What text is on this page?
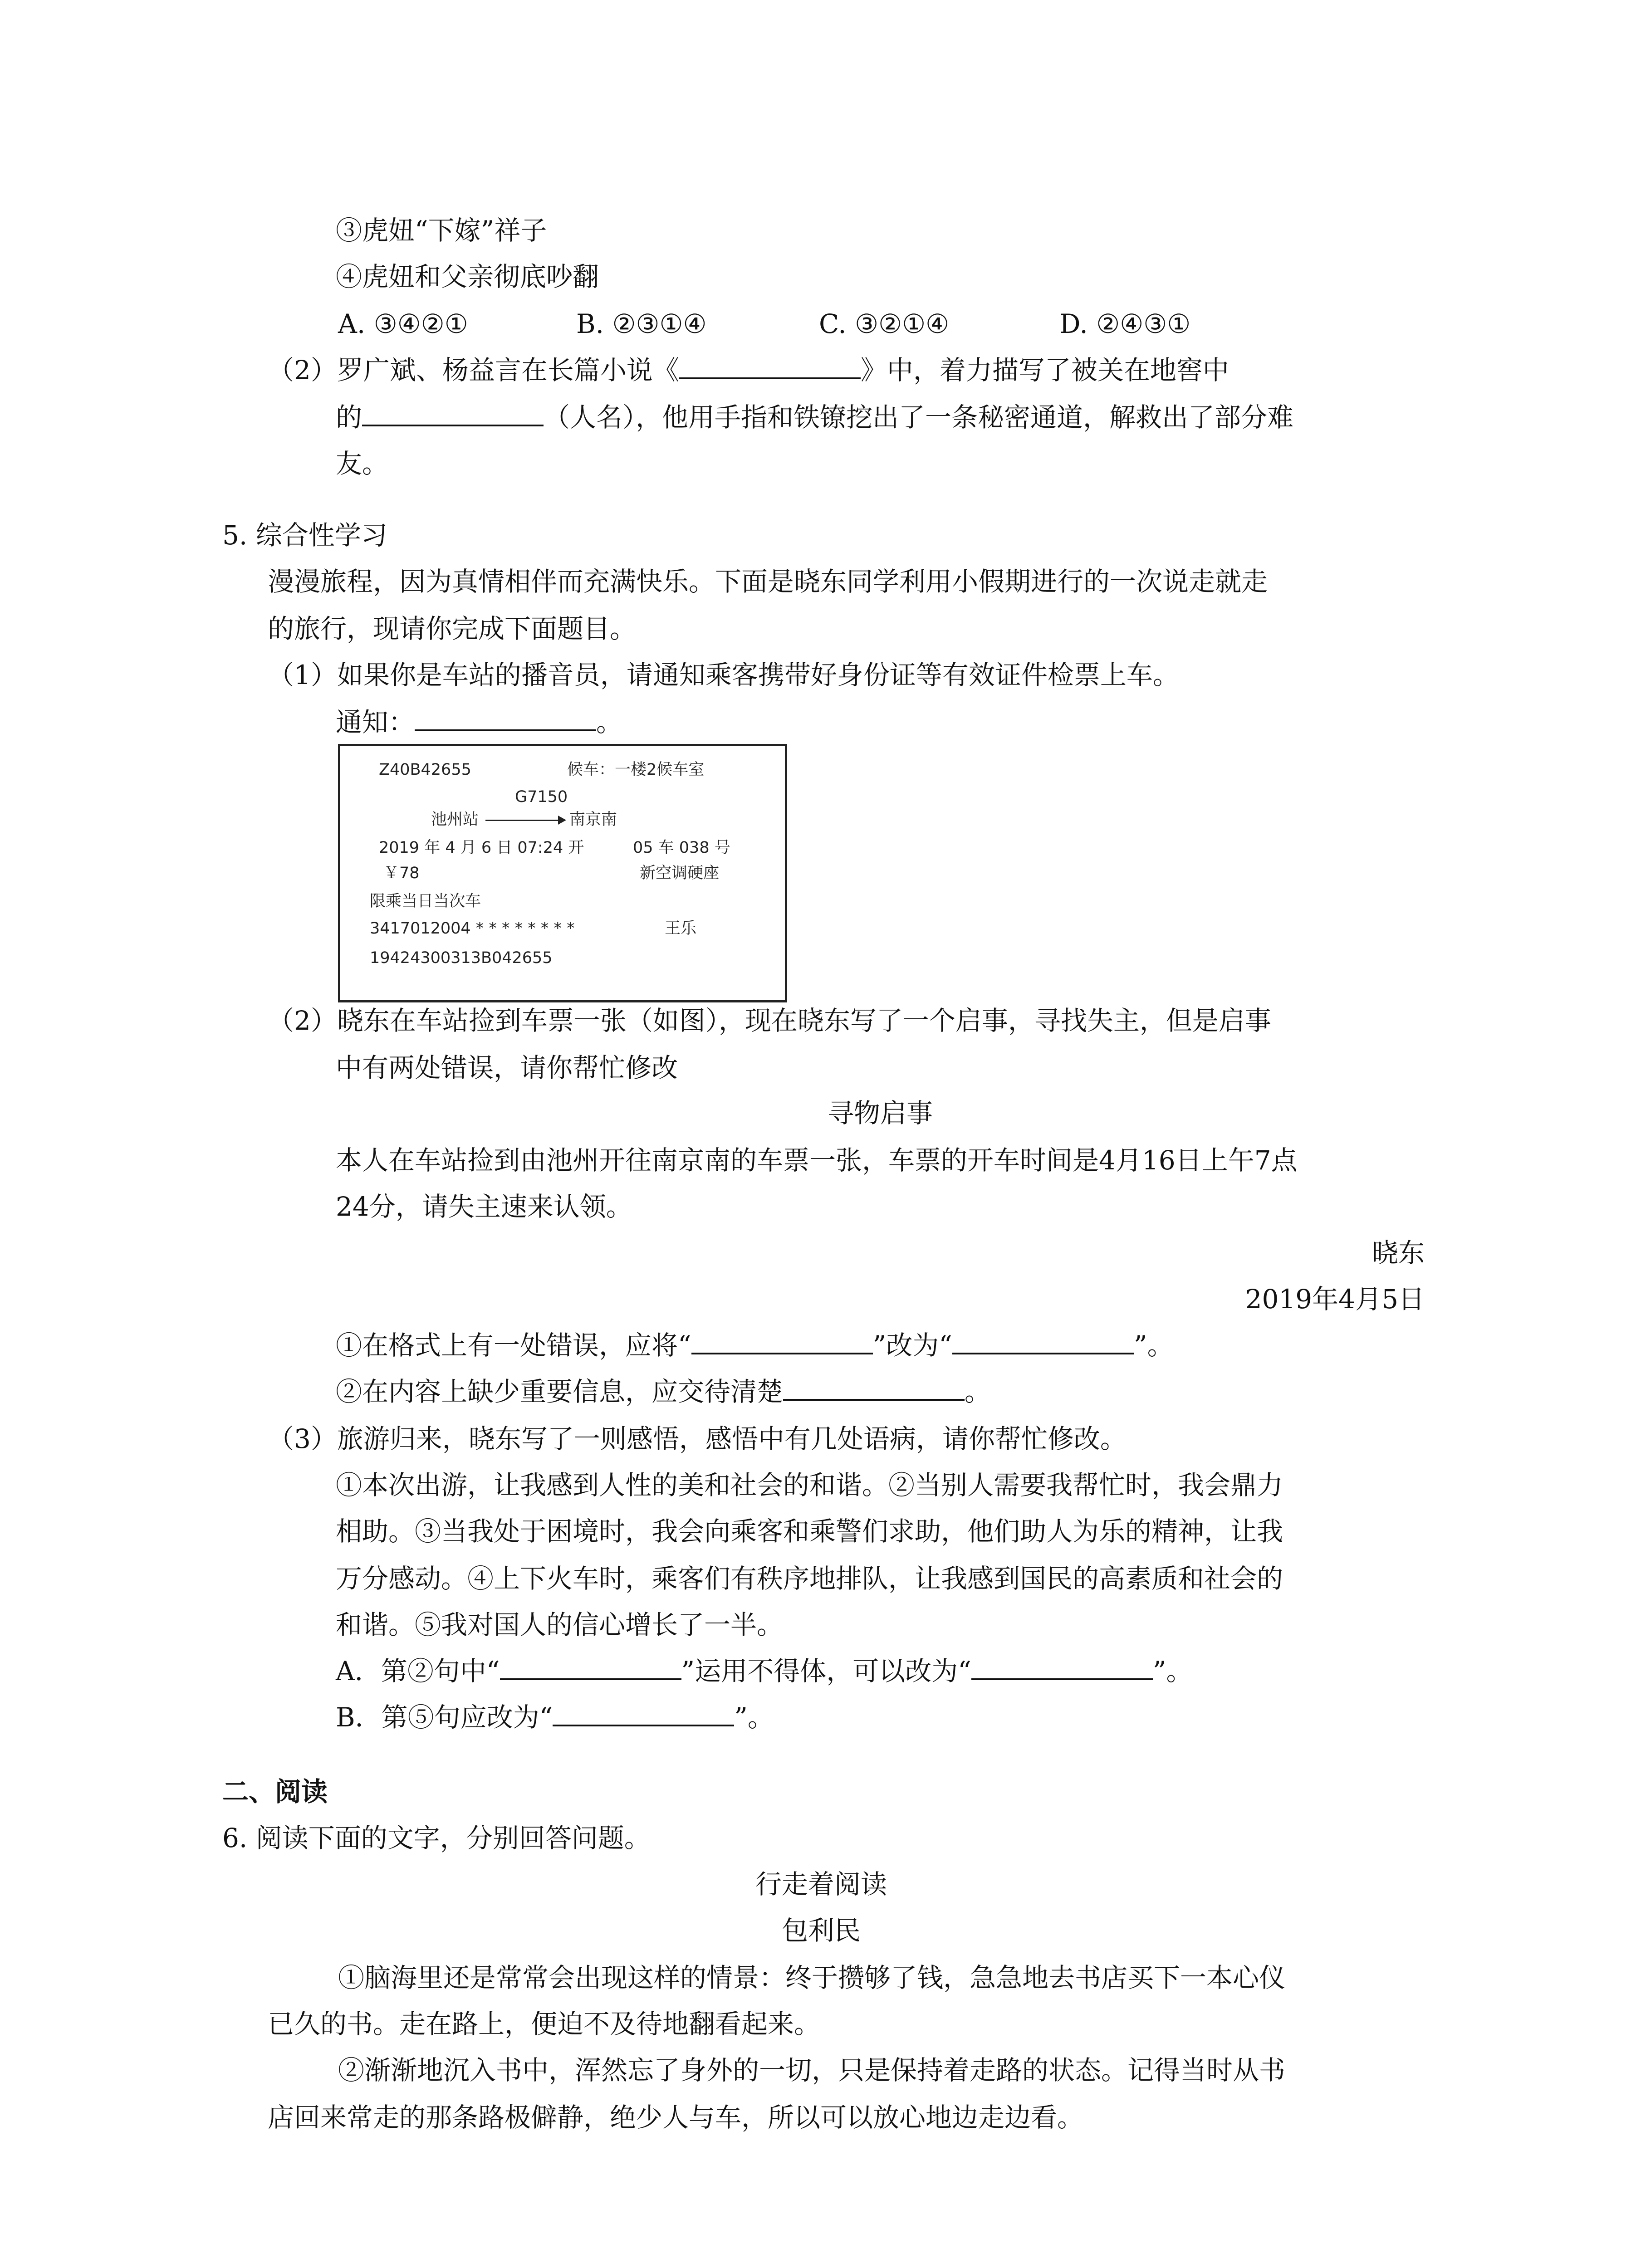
③虎妞“下嫁”祥子
④虎妞和父亲彻底吵翻
A. ③④②①	B. ②③①④	C. ③②①④	D. ②④③①
（2）罗广斌、杨益言在长篇小说《	》中，着力描写了被关在地窖中
的	（人名），他用手指和铁镣挖出了一条秘密通道，解救出了部分难
友。
5. 综合性学习
漫漫旅程，因为真情相伴而充满快乐。下面是晓东同学利用小假期进行的一次说走就走
的旅行，现请你完成下面题目。
（1）如果你是车站的播音员，请通知乘客携带好身份证等有效证件检票上车。
通知：	。
Z40B42655	候车：一楼2候车室
G7150
池州站	南京南
2019 年 4 月 6 日 07:24 开	05 车 038 号
￥78	新空调硬座
限乘当日当次车
3417012004 * * * * * * * *	王乐
19424300313B042655
（2）晓东在车站捡到车票一张（如图），现在晓东写了一个启事，寻找失主，但是启事
中有两处错误，请你帮忙修改
寻物启事
本人在车站捡到由池州开往南京南的车票一张，车票的开车时间是4月16日上午7点
24分，请失主速来认领。
晓东
2019年4月5日
①在格式上有一处错误，应将“	”改为“	”。
②在内容上缺少重要信息，应交待清楚	。
（3）旅游归来，晓东写了一则感悟，感悟中有几处语病，请你帮忙修改。
①本次出游，让我感到人性的美和社会的和谐。②当别人需要我帮忙时，我会鼎力
相助。③当我处于困境时，我会向乘客和乘警们求助，他们助人为乐的精神，让我
万分感动。④上下火车时，乘客们有秩序地排队，让我感到国民的高素质和社会的
和谐。⑤我对国人的信心增长了一半。
A．第②句中“	”运用不得体，可以改为“	”。
B．第⑤句应改为“	”。
二、阅读
6. 阅读下面的文字，分别回答问题。
行走着阅读
包利民
①脑海里还是常常会出现这样的情景：终于攒够了钱，急急地去书店买下一本心仪
已久的书。走在路上，便迫不及待地翻看起来。
②渐渐地沉入书中，浑然忘了身外的一切，只是保持着走路的状态。记得当时从书
店回来常走的那条路极僻静，绝少人与车，所以可以放心地边走边看。
